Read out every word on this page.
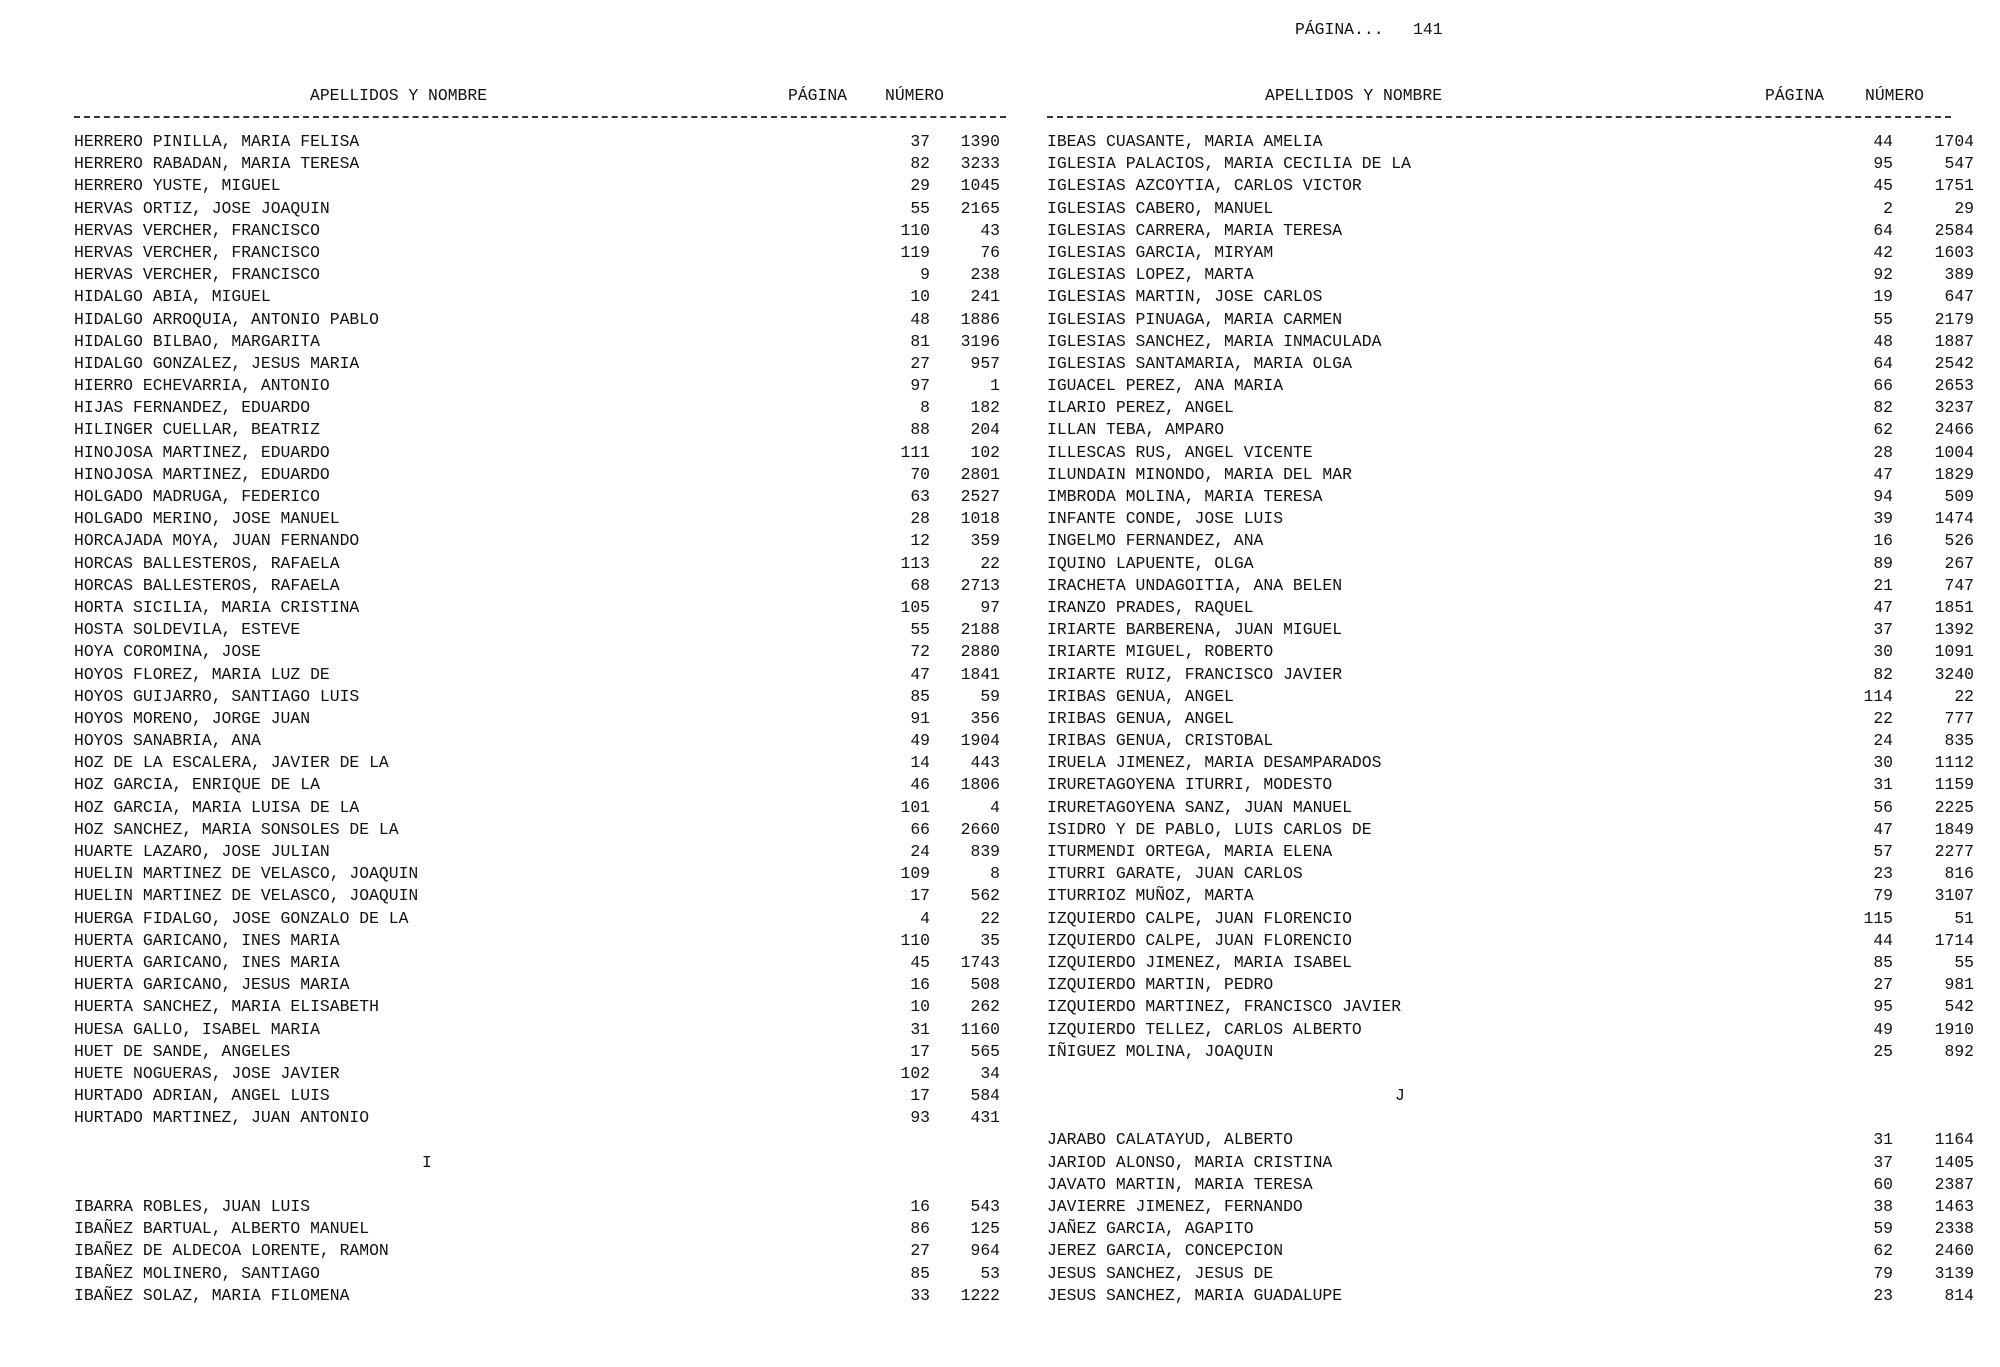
PÁGINA... 141
APELLIDOS Y NOMBRE	PÁGINA NÚMERO
HERRERO PINILLA, MARIA FELISA	37	1390
HERRERO RABADAN, MARIA TERESA	82	3233
HERRERO YUSTE, MIGUEL	29	1045
HERVAS ORTIZ, JOSE JOAQUIN	55	2165
HERVAS VERCHER, FRANCISCO	110	43
HERVAS VERCHER, FRANCISCO	119	76
HERVAS VERCHER, FRANCISCO	9	238
HIDALGO ABIA, MIGUEL	10	241
HIDALGO ARROQUIA, ANTONIO PABLO	48	1886
HIDALGO BILBAO, MARGARITA	81	3196
HIDALGO GONZALEZ, JESUS MARIA	27	957
HIERRO ECHEVARRIA, ANTONIO	97	1
HIJAS FERNANDEZ, EDUARDO	8	182
HILINGER CUELLAR, BEATRIZ	88	204
HINOJOSA MARTINEZ, EDUARDO	111	102
HINOJOSA MARTINEZ, EDUARDO	70	2801
HOLGADO MADRUGA, FEDERICO	63	2527
HOLGADO MERINO, JOSE MANUEL	28	1018
HORCAJADA MOYA, JUAN FERNANDO	12	359
HORCAS BALLESTEROS, RAFAELA	113	22
HORCAS BALLESTEROS, RAFAELA	68	2713
HORTA SICILIA, MARIA CRISTINA	105	97
HOSTA SOLDEVILA, ESTEVE	55	2188
HOYA COROMINA, JOSE	72	2880
HOYOS FLOREZ, MARIA LUZ DE	47	1841
HOYOS GUIJARRO, SANTIAGO LUIS	85	59
HOYOS MORENO, JORGE JUAN	91	356
HOYOS SANABRIA, ANA	49	1904
HOZ DE LA ESCALERA, JAVIER DE LA	14	443
HOZ GARCIA, ENRIQUE DE LA	46	1806
HOZ GARCIA, MARIA LUISA DE LA	101	4
HOZ SANCHEZ, MARIA SONSOLES DE LA	66	2660
HUARTE LAZARO, JOSE JULIAN	24	839
HUELIN MARTINEZ DE VELASCO, JOAQUIN	109	8
HUELIN MARTINEZ DE VELASCO, JOAQUIN	17	562
HUERGA FIDALGO, JOSE GONZALO DE LA	4	22
HUERTA GARICANO, INES MARIA	110	35
HUERTA GARICANO, INES MARIA	45	1743
HUERTA GARICANO, JESUS MARIA	16	508
HUERTA SANCHEZ, MARIA ELISABETH	10	262
HUESA GALLO, ISABEL MARIA	31	1160
HUET DE SANDE, ANGELES	17	565
HUETE NOGUERAS, JOSE JAVIER	102	34
HURTADO ADRIAN, ANGEL LUIS	17	584
HURTADO MARTINEZ, JUAN ANTONIO	93	431
I
IBARRA ROBLES, JUAN LUIS	16	543
IBAÑEZ BARTUAL, ALBERTO MANUEL	86	125
IBAÑEZ DE ALDECOA LORENTE, RAMON	27	964
IBAÑEZ MOLINERO, SANTIAGO	85	53
IBAÑEZ SOLAZ, MARIA FILOMENA	33	1222
APELLIDOS Y NOMBRE	PÁGINA NÚMERO
IBEAS CUASANTE, MARIA AMELIA	44	1704
IGLESIA PALACIOS, MARIA CECILIA DE LA	95	547
IGLESIAS AZCOYTIA, CARLOS VICTOR	45	1751
IGLESIAS CABERO, MANUEL	2	29
IGLESIAS CARRERA, MARIA TERESA	64	2584
IGLESIAS GARCIA, MIRYAM	42	1603
IGLESIAS LOPEZ, MARTA	92	389
IGLESIAS MARTIN, JOSE CARLOS	19	647
IGLESIAS PINUAGA, MARIA CARMEN	55	2179
IGLESIAS SANCHEZ, MARIA INMACULADA	48	1887
IGLESIAS SANTAMARIA, MARIA OLGA	64	2542
IGUACEL PEREZ, ANA MARIA	66	2653
ILARIO PEREZ, ANGEL	82	3237
ILLAN TEBA, AMPARO	62	2466
ILLESCAS RUS, ANGEL VICENTE	28	1004
ILUNDAIN MINONDO, MARIA DEL MAR	47	1829
IMBRODA MOLINA, MARIA TERESA	94	509
INFANTE CONDE, JOSE LUIS	39	1474
INGELMO FERNANDEZ, ANA	16	526
IQUINO LAPUENTE, OLGA	89	267
IRACHETA UNDAGOITIA, ANA BELEN	21	747
IRANZO PRADES, RAQUEL	47	1851
IRIARTE BARBERENA, JUAN MIGUEL	37	1392
IRIARTE MIGUEL, ROBERTO	30	1091
IRIARTE RUIZ, FRANCISCO JAVIER	82	3240
IRIBAS GENUA, ANGEL	114	22
IRIBAS GENUA, ANGEL	22	777
IRIBAS GENUA, CRISTOBAL	24	835
IRUELA JIMENEZ, MARIA DESAMPARADOS	30	1112
IRURETAGOYENA ITURRI, MODESTO	31	1159
IRURETAGOYENA SANZ, JUAN MANUEL	56	2225
ISIDRO Y DE PABLO, LUIS CARLOS DE	47	1849
ITURMENDI ORTEGA, MARIA ELENA	57	2277
ITURRI GARATE, JUAN CARLOS	23	816
ITURRIOZ MUÑOZ, MARTA	79	3107
IZQUIERDO CALPE, JUAN FLORENCIO	115	51
IZQUIERDO CALPE, JUAN FLORENCIO	44	1714
IZQUIERDO JIMENEZ, MARIA ISABEL	85	55
IZQUIERDO MARTIN, PEDRO	27	981
IZQUIERDO MARTINEZ, FRANCISCO JAVIER	95	542
IZQUIERDO TELLEZ, CARLOS ALBERTO	49	1910
IÑIGUEZ MOLINA, JOAQUIN	25	892
J
JARABO CALATAYUD, ALBERTO	31	1164
JARIOD ALONSO, MARIA CRISTINA	37	1405
JAVATO MARTIN, MARIA TERESA	60	2387
JAVIERRE JIMENEZ, FERNANDO	38	1463
JAÑEZ GARCIA, AGAPITO	59	2338
JEREZ GARCIA, CONCEPCION	62	2460
JESUS SANCHEZ, JESUS DE	79	3139
JESUS SANCHEZ, MARIA GUADALUPE	23	814
